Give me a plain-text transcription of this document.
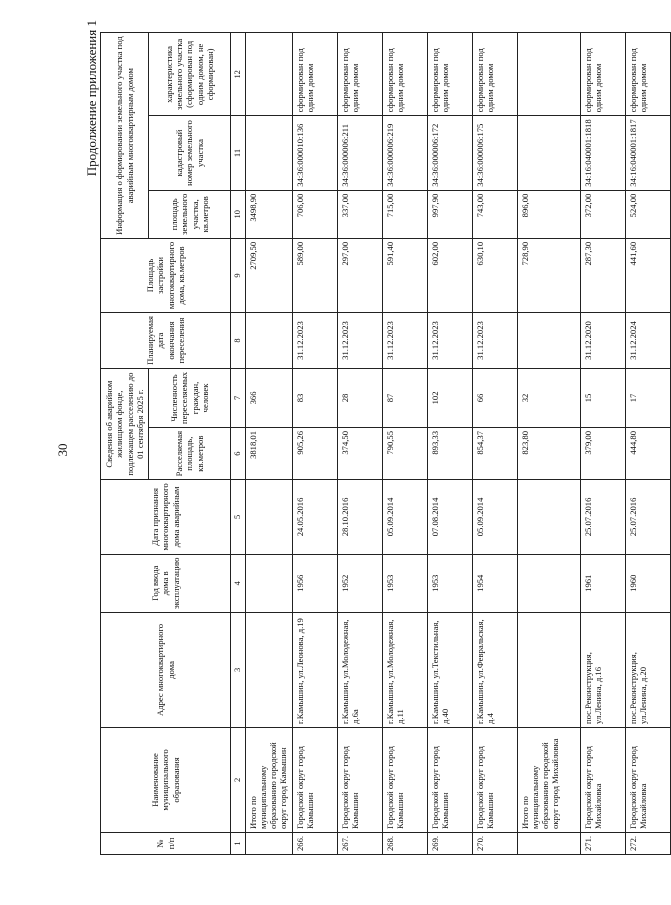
30
Продолжение приложения 1
№ п/п	Наименование муниципального образования	Адрес многоквартирного дома	Год ввода дома в эксплуатацию	Дата признания многоквартирного дома аварийным	Сведения об аварийном жилищном фонде, подлежащем расселению до 01 сентября 2025 г.		Планируемая дата окончания переселения	Площадь застройки многоквартирного дома, кв.метров	Информация о формировании земельного участка под аварийным многоквартирным домом		
					Расселяемая площадь, кв.метров	Численность переселяемых граждан, человек			площадь земельного участка, кв.метров	кадастровый номер земельного участка	характеристика земельного участка (сформирован под одним домом, не сформирован)
1	2	3	4	5	6	7	8	9	10	11	12
	Итого по муниципальному образованию городской округ город Камышин				3818,01	366		2709,50	3498,90		
266.	Городской округ город Камышин	г.Камышин, ул.Леонова, д.19	1956	24.05.2016	905,26	83	31.12.2023	589,00	706,00	34:36:000010:136	сформирован под одним домом
267.	Городской округ город Камышин	г.Камышин, ул.Молодежная, д.6а	1952	28.10.2016	374,50	28	31.12.2023	297,00	337,00	34:36:000006:211	сформирован под одним домом
268.	Городской округ город Камышин	г.Камышин, ул.Молодежная, д.11	1953	05.09.2014	790,55	87	31.12.2023	591,40	715,00	34:36:000006:219	сформирован под одним домом
269.	Городской округ город Камышин	г.Камышин, ул.Текстильная, д.40	1953	07.08.2014	893,33	102	31.12.2023	602,00	997,90	34:36:000006:172	сформирован под одним домом
270.	Городской округ город Камышин	г.Камышин, ул.Февральская, д.4	1954	05.09.2014	854,37	66	31.12.2023	630,10	743,00	34:36:000006:175	сформирован под одним домом
	Итого по муниципальному образованию городской округ город Михайловка				823,80	32		728,90	896,00		
271.	Городской округ город Михайловка	пос.Реконструкция, ул.Ленина, д.16	1961	25.07.2016	379,00	15	31.12.2020	287,30	372,00	34:16:040001:1818	сформирован под одним домом
272.	Городской округ город Михайловка	пос.Реконструкция, ул.Ленина, д.20	1960	25.07.2016	444,80	17	31.12.2024	441,60	524,00	34:16:040001:1817	сформирован под одним домом
